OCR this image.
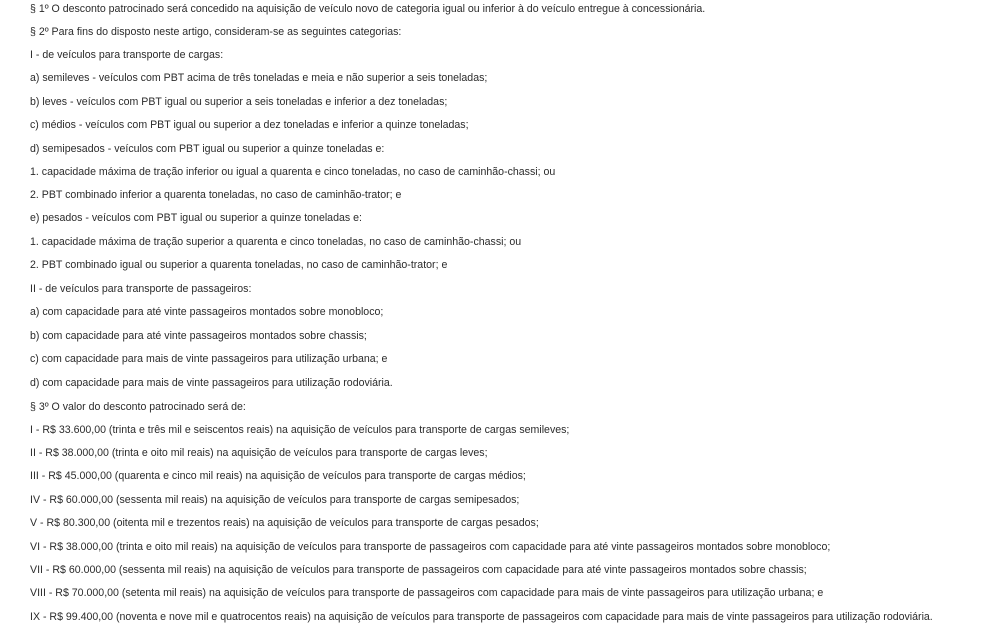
§ 1º O desconto patrocinado será concedido na aquisição de veículo novo de categoria igual ou inferior à do veículo entregue à concessionária.

§ 2º Para fins do disposto neste artigo, consideram-se as seguintes categorias:

I - de veículos para transporte de cargas:

a) semileves - veículos com PBT acima de três toneladas e meia e não superior a seis toneladas;

b) leves - veículos com PBT igual ou superior a seis toneladas e inferior a dez toneladas;

c) médios - veículos com PBT igual ou superior a dez toneladas e inferior a quinze toneladas;

d) semipesados - veículos com PBT igual ou superior a quinze toneladas e:

1. capacidade máxima de tração inferior ou igual a quarenta e cinco toneladas, no caso de caminhão-chassi; ou

2. PBT combinado inferior a quarenta toneladas, no caso de caminhão-trator; e

e) pesados - veículos com PBT igual ou superior a quinze toneladas e:

1. capacidade máxima de tração superior a quarenta e cinco toneladas, no caso de caminhão-chassi; ou

2. PBT combinado igual ou superior a quarenta toneladas, no caso de caminhão-trator; e

II - de veículos para transporte de passageiros:

a) com capacidade para até vinte passageiros montados sobre monobloco;

b) com capacidade para até vinte passageiros montados sobre chassis;

c) com capacidade para mais de vinte passageiros para utilização urbana; e

d) com capacidade para mais de vinte passageiros para utilização rodoviária.

§ 3º O valor do desconto patrocinado será de:

I - R$ 33.600,00 (trinta e três mil e seiscentos reais) na aquisição de veículos para transporte de cargas semileves;

II - R$ 38.000,00 (trinta e oito mil reais) na aquisição de veículos para transporte de cargas leves;

III - R$ 45.000,00 (quarenta e cinco mil reais) na aquisição de veículos para transporte de cargas médios;

IV - R$ 60.000,00 (sessenta mil reais) na aquisição de veículos para transporte de cargas semipesados;

V - R$ 80.300,00 (oitenta mil e trezentos reais) na aquisição de veículos para transporte de cargas pesados;

VI - R$ 38.000,00 (trinta e oito mil reais) na aquisição de veículos para transporte de passageiros com capacidade para até vinte passageiros montados sobre monobloco;

VII - R$ 60.000,00 (sessenta mil reais) na aquisição de veículos para transporte de passageiros com capacidade para até vinte passageiros montados sobre chassis;

VIII - R$ 70.000,00 (setenta mil reais) na aquisição de veículos para transporte de passageiros com capacidade para mais de vinte passageiros para utilização urbana; e

IX - R$ 99.400,00 (noventa e nove mil e quatrocentos reais) na aquisição de veículos para transporte de passageiros com capacidade para mais de vinte passageiros para utilização rodoviária.
